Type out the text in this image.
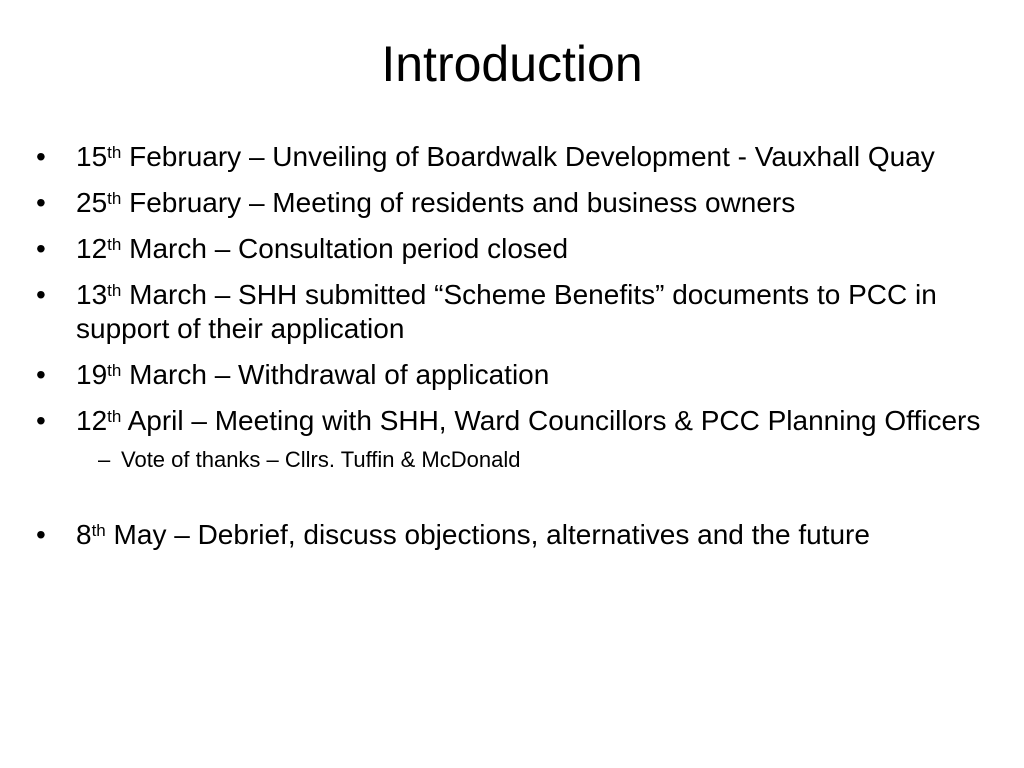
Introduction
• 15th February – Unveiling of Boardwalk Development - Vauxhall Quay
• 25th February – Meeting of residents and business owners
• 12th March – Consultation period closed
• 13th March – SHH submitted “Scheme Benefits” documents to PCC in support of their application
• 19th March – Withdrawal of application
• 12th April – Meeting with SHH, Ward Councillors & PCC Planning Officers
– Vote of thanks – Cllrs. Tuffin & McDonald
• 8th May – Debrief, discuss objections, alternatives and the future
